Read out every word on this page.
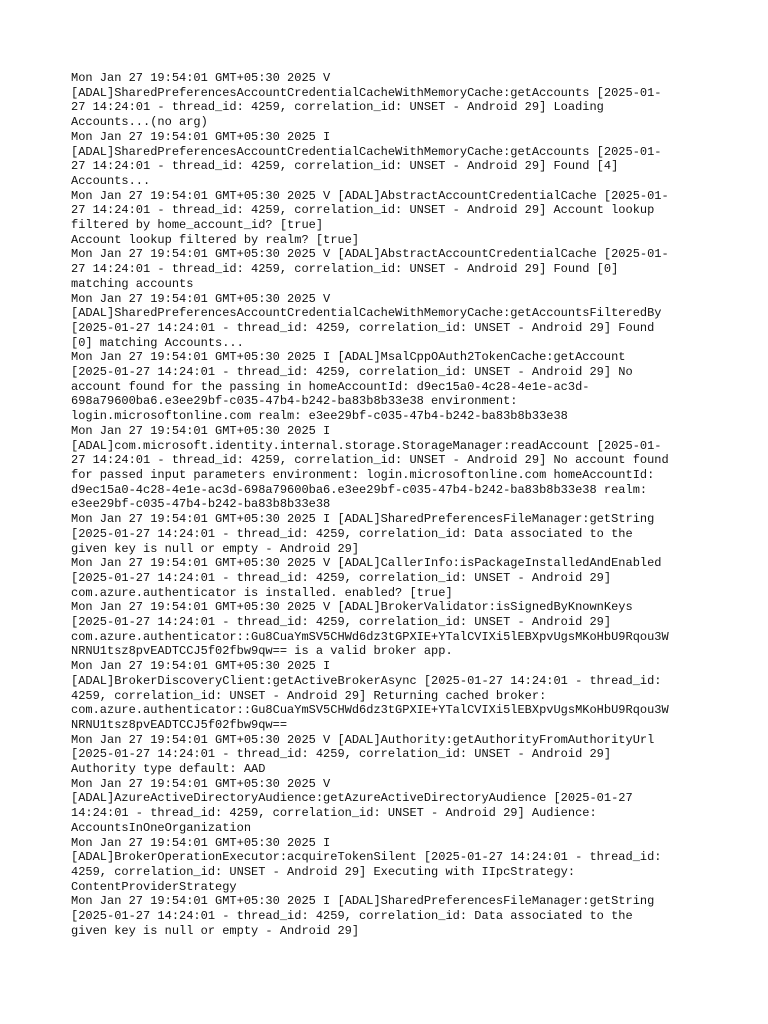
Mon Jan 27 19:54:01 GMT+05:30 2025 V
[ADAL]SharedPreferencesAccountCredentialCacheWithMemoryCache:getAccounts [2025-01-
27 14:24:01 - thread_id: 4259, correlation_id: UNSET - Android 29] Loading
Accounts...(no arg)
Mon Jan 27 19:54:01 GMT+05:30 2025 I
[ADAL]SharedPreferencesAccountCredentialCacheWithMemoryCache:getAccounts [2025-01-
27 14:24:01 - thread_id: 4259, correlation_id: UNSET - Android 29] Found [4]
Accounts...
Mon Jan 27 19:54:01 GMT+05:30 2025 V [ADAL]AbstractAccountCredentialCache [2025-01-
27 14:24:01 - thread_id: 4259, correlation_id: UNSET - Android 29] Account lookup
filtered by home_account_id? [true]
Account lookup filtered by realm? [true]
Mon Jan 27 19:54:01 GMT+05:30 2025 V [ADAL]AbstractAccountCredentialCache [2025-01-
27 14:24:01 - thread_id: 4259, correlation_id: UNSET - Android 29] Found [0]
matching accounts
Mon Jan 27 19:54:01 GMT+05:30 2025 V
[ADAL]SharedPreferencesAccountCredentialCacheWithMemoryCache:getAccountsFilteredBy
[2025-01-27 14:24:01 - thread_id: 4259, correlation_id: UNSET - Android 29] Found
[0] matching Accounts...
Mon Jan 27 19:54:01 GMT+05:30 2025 I [ADAL]MsalCppOAuth2TokenCache:getAccount
[2025-01-27 14:24:01 - thread_id: 4259, correlation_id: UNSET - Android 29] No
account found for the passing in homeAccountId: d9ec15a0-4c28-4e1e-ac3d-
698a79600ba6.e3ee29bf-c035-47b4-b242-ba83b8b33e38 environment:
login.microsoftonline.com realm: e3ee29bf-c035-47b4-b242-ba83b8b33e38
Mon Jan 27 19:54:01 GMT+05:30 2025 I
[ADAL]com.microsoft.identity.internal.storage.StorageManager:readAccount [2025-01-
27 14:24:01 - thread_id: 4259, correlation_id: UNSET - Android 29] No account found
for passed input parameters environment: login.microsoftonline.com homeAccountId:
d9ec15a0-4c28-4e1e-ac3d-698a79600ba6.e3ee29bf-c035-47b4-b242-ba83b8b33e38 realm:
e3ee29bf-c035-47b4-b242-ba83b8b33e38
Mon Jan 27 19:54:01 GMT+05:30 2025 I [ADAL]SharedPreferencesFileManager:getString
[2025-01-27 14:24:01 - thread_id: 4259, correlation_id: Data associated to the
given key is null or empty - Android 29]
Mon Jan 27 19:54:01 GMT+05:30 2025 V [ADAL]CallerInfo:isPackageInstalledAndEnabled
[2025-01-27 14:24:01 - thread_id: 4259, correlation_id: UNSET - Android 29]
com.azure.authenticator is installed. enabled? [true]
Mon Jan 27 19:54:01 GMT+05:30 2025 V [ADAL]BrokerValidator:isSignedByKnownKeys
[2025-01-27 14:24:01 - thread_id: 4259, correlation_id: UNSET - Android 29]
com.azure.authenticator::Gu8CuaYmSV5CHWd6dz3tGPXIE+YTalCVIXi5lEBXpvUgsMKoHbU9Rqou3W
NRNU1tsz8pvEADTCCJ5f02fbw9qw== is a valid broker app.
Mon Jan 27 19:54:01 GMT+05:30 2025 I
[ADAL]BrokerDiscoveryClient:getActiveBrokerAsync [2025-01-27 14:24:01 - thread_id:
4259, correlation_id: UNSET - Android 29] Returning cached broker:
com.azure.authenticator::Gu8CuaYmSV5CHWd6dz3tGPXIE+YTalCVIXi5lEBXpvUgsMKoHbU9Rqou3W
NRNU1tsz8pvEADTCCJ5f02fbw9qw==
Mon Jan 27 19:54:01 GMT+05:30 2025 V [ADAL]Authority:getAuthorityFromAuthorityUrl
[2025-01-27 14:24:01 - thread_id: 4259, correlation_id: UNSET - Android 29]
Authority type default: AAD
Mon Jan 27 19:54:01 GMT+05:30 2025 V
[ADAL]AzureActiveDirectoryAudience:getAzureActiveDirectoryAudience [2025-01-27
14:24:01 - thread_id: 4259, correlation_id: UNSET - Android 29] Audience:
AccountsInOneOrganization
Mon Jan 27 19:54:01 GMT+05:30 2025 I
[ADAL]BrokerOperationExecutor:acquireTokenSilent [2025-01-27 14:24:01 - thread_id:
4259, correlation_id: UNSET - Android 29] Executing with IIpcStrategy:
ContentProviderStrategy
Mon Jan 27 19:54:01 GMT+05:30 2025 I [ADAL]SharedPreferencesFileManager:getString
[2025-01-27 14:24:01 - thread_id: 4259, correlation_id: Data associated to the
given key is null or empty - Android 29]
